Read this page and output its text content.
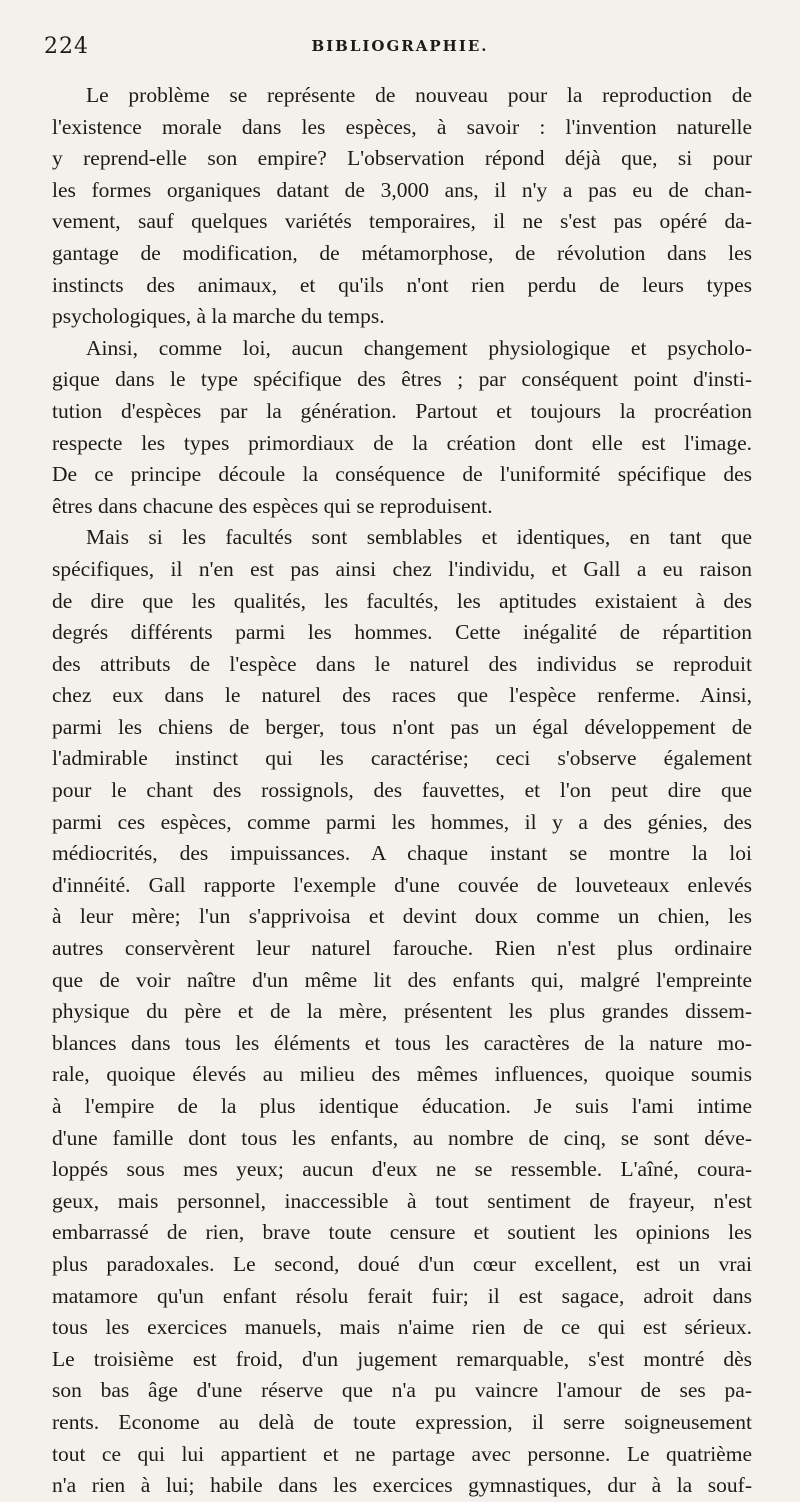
224	BIBLIOGRAPHIE.
Le problème se représente de nouveau pour la reproduction de
l'existence morale dans les espèces, à savoir : l'invention naturelle
y reprend-elle son empire? L'observation répond déjà que, si pour
les formes organiques datant de 3,000 ans, il n'y a pas eu de chan-
vement, sauf quelques variétés temporaires, il ne s'est pas opéré da-
gantage de modification, de métamorphose, de révolution dans les
instincts des animaux, et qu'ils n'ont rien perdu de leurs types
psychologiques, à la marche du temps.
Ainsi, comme loi, aucun changement physiologique et psycholo-
gique dans le type spécifique des êtres ; par conséquent point d'insti-
tution d'espèces par la génération. Partout et toujours la procréation
respecte les types primordiaux de la création dont elle est l'image.
De ce principe découle la conséquence de l'uniformité spécifique des
êtres dans chacune des espèces qui se reproduisent.
Mais si les facultés sont semblables et identiques, en tant que
spécifiques, il n'en est pas ainsi chez l'individu, et Gall a eu raison
de dire que les qualités, les facultés, les aptitudes existaient à des
degrés différents parmi les hommes. Cette inégalité de répartition
des attributs de l'espèce dans le naturel des individus se reproduit
chez eux dans le naturel des races que l'espèce renferme. Ainsi,
parmi les chiens de berger, tous n'ont pas un égal développement de
l'admirable instinct qui les caractérise; ceci s'observe également
pour le chant des rossignols, des fauvettes, et l'on peut dire que
parmi ces espèces, comme parmi les hommes, il y a des génies, des
médiocrités, des impuissances. A chaque instant se montre la loi
d'innéité. Gall rapporte l'exemple d'une couvée de louveteaux enlevés
à leur mère; l'un s'apprivoisa et devint doux comme un chien, les
autres conservèrent leur naturel farouche. Rien n'est plus ordinaire
que de voir naître d'un même lit des enfants qui, malgré l'empreinte
physique du père et de la mère, présentent les plus grandes dissem-
blances dans tous les éléments et tous les caractères de la nature mo-
rale, quoique élevés au milieu des mêmes influences, quoique soumis
à l'empire de la plus identique éducation. Je suis l'ami intime
d'une famille dont tous les enfants, au nombre de cinq, se sont déve-
loppés sous mes yeux; aucun d'eux ne se ressemble. L'aîné, coura-
geux, mais personnel, inaccessible à tout sentiment de frayeur, n'est
embarrassé de rien, brave toute censure et soutient les opinions les
plus paradoxales. Le second, doué d'un cœur excellent, est un vrai
matamore qu'un enfant résolu ferait fuir; il est sagace, adroit dans
tous les exercices manuels, mais n'aime rien de ce qui est sérieux.
Le troisième est froid, d'un jugement remarquable, s'est montré dès
son bas âge d'une réserve que n'a pu vaincre l'amour de ses pa-
rents. Econome au delà de toute expression, il serre soigneusement
tout ce qui lui appartient et ne partage avec personne. Le quatrième
n'a rien à lui; habile dans les exercices gymnastiques, dur à la souf-
